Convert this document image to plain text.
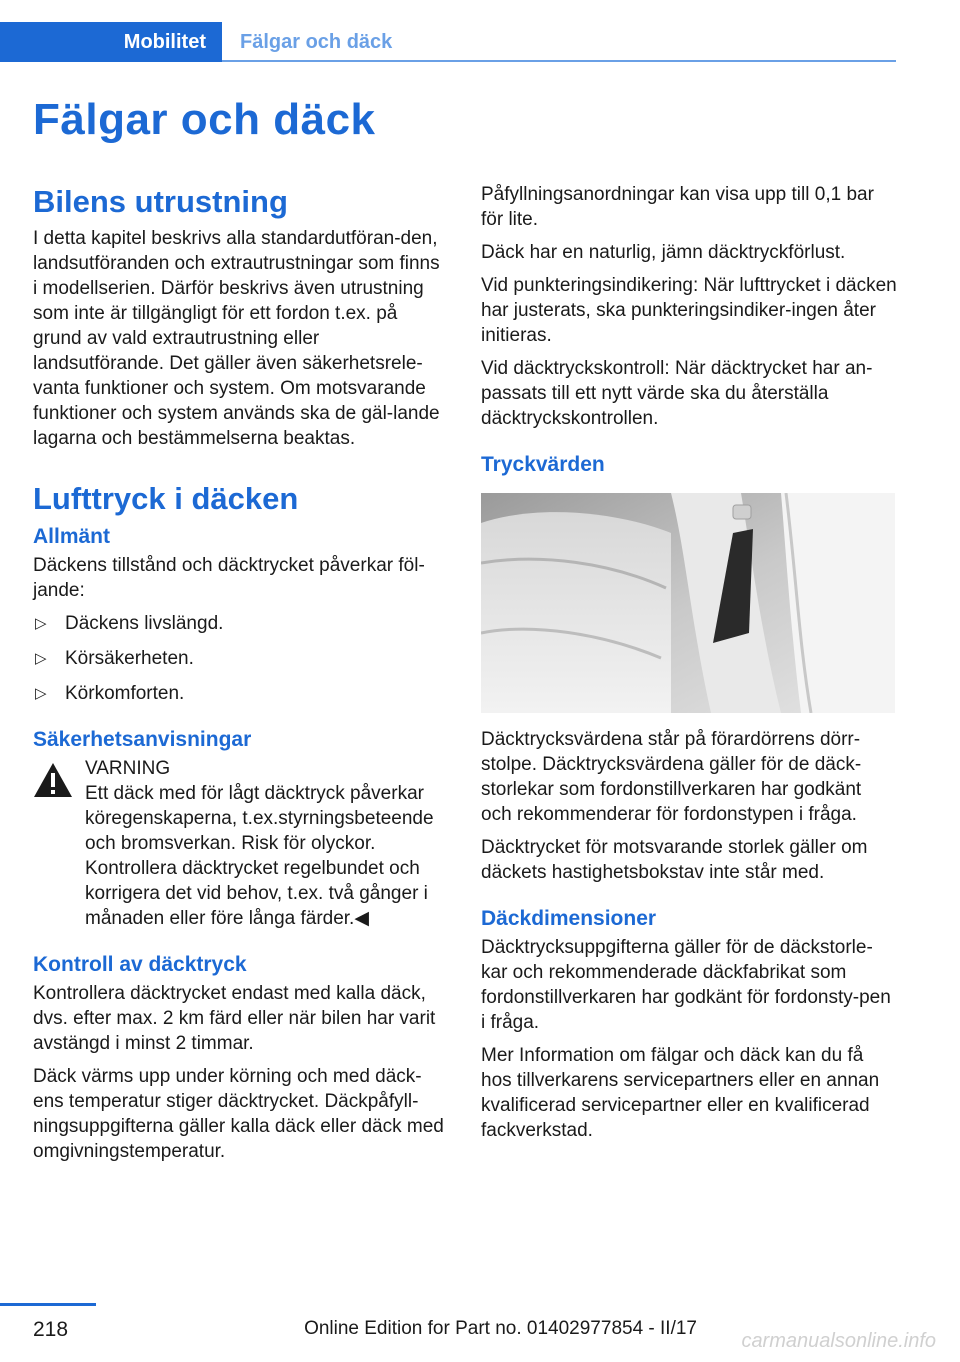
Mobilitet	Fälgar och däck
Fälgar och däck
Bilens utrustning

I detta kapitel beskrivs alla standardutföran‐den, landsutföranden och extrautrustningar som finns i modellserien. Därför beskrivs även utrustning som inte är tillgängligt för ett fordon t.ex. på grund av vald extrautrustning eller landsutförande. Det gäller även säkerhetsrele‐vanta funktioner och system. Om motsvarande funktioner och system används ska de gäl‐lande lagarna och bestämmelserna beaktas.

Lufttryck i däcken
Allmänt

Däckens tillstånd och däcktrycket påverkar föl‐jande:

▷ Däckens livslängd.
▷ Körsäkerheten.
▷ Körkomforten.
Säkerhetsanvisningar
VARNING
Ett däck med för lågt däcktryck påverkar köregenskaperna, t.ex.styrningsbeteende och bromsverkan. Risk för olyckor. Kontrollera däcktrycket regelbundet och korrigera det vid behov, t.ex. två gånger i månaden eller före långa färder.◀
Kontroll av däcktryck

Kontrollera däcktrycket endast med kalla däck, dvs. efter max. 2 km färd eller när bilen har varit avstängd i minst 2 timmar.

Däck värms upp under körning och med däck‐ens temperatur stiger däcktrycket. Däckpåfyll‐ningsuppgifterna gäller kalla däck eller däck med omgivningstemperatur.

Påfyllningsanordningar kan visa upp till 0,1 bar för lite.

Däck har en naturlig, jämn däcktryckförlust.

Vid punkteringsindikering: När lufttrycket i däcken har justerats, ska punkteringsindiker‐ingen åter initieras.

Vid däcktryckskontroll: När däcktrycket har an‐passats till ett nytt värde ska du återställa däcktryckskontrollen.

Tryckvärden

Däcktrycksvärdena står på förardörrens dörr‐stolpe. Däcktrycksvärdena gäller för de däck‐storlekar som fordonstillverkaren har godkänt och rekommenderar för fordonstypen i fråga.

Däcktrycket för motsvarande storlek gäller om däckets hastighetsbokstav inte står med.

Däckdimensioner

Däcktrycksuppgifterna gäller för de däckstorle‐kar och rekommenderade däckfabrikat som fordonstillverkaren har godkänt för fordonsty‐pen i fråga.

Mer Information om fälgar och däck kan du få hos tillverkarens servicepartners eller en annan kvalificerad servicepartner eller en kvalificerad fackverkstad.

218	Online Edition for Part no. 01402977854 - II/17
carmanualsonline.info
